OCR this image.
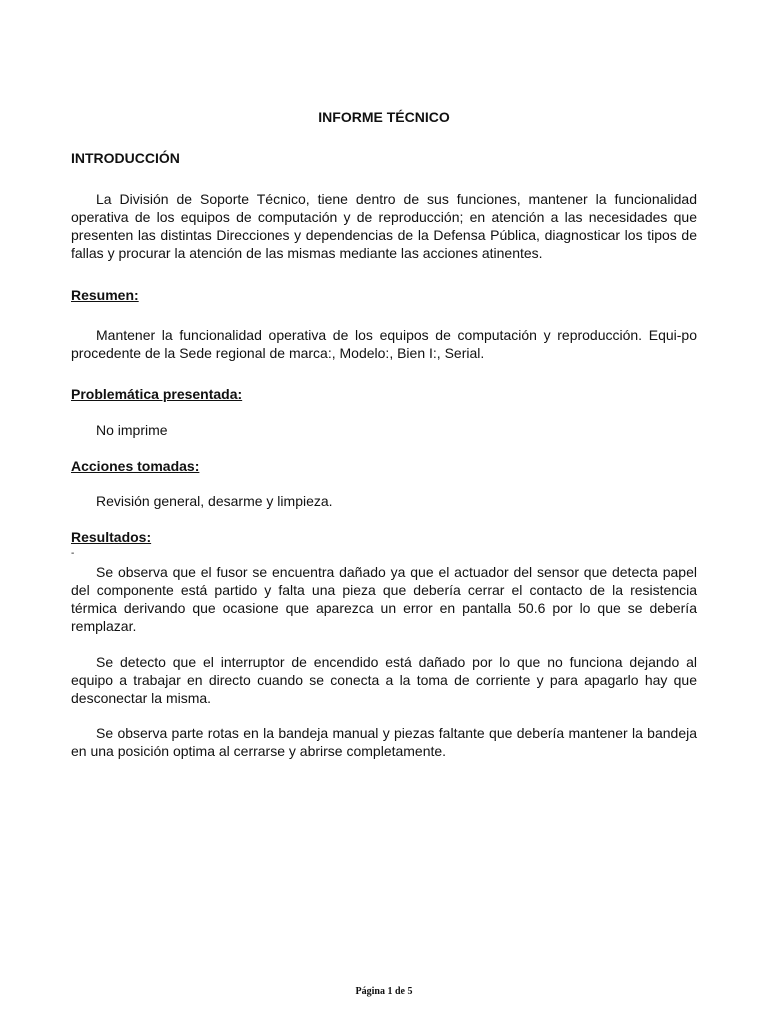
INFORME TÉCNICO
INTRODUCCIÓN

La División de Soporte Técnico, tiene dentro de sus funciones, mantener la funcionalidad operativa de los equipos de computación y de reproducción; en atención a las necesidades que presenten las distintas Direcciones y dependencias de la Defensa Pública, diagnosticar los tipos de fallas y procurar la atención de las mismas mediante las acciones atinentes.

Resumen:

Mantener la funcionalidad operativa de los equipos de computación y reproducción. Equi-po procedente de la Sede regional de marca:, Modelo:, Bien I:, Serial.

Problemática presentada:
No imprime
Acciones tomadas:
Revisión general, desarme y limpieza.
Resultados:
-

Se observa que el fusor se encuentra dañado ya que el actuador del sensor que detecta papel del componente está partido y falta una pieza que debería cerrar el contacto de la resistencia térmica derivando que ocasione que aparezca un error en pantalla 50.6 por lo que se debería remplazar.

Se detecto que el interruptor de encendido está dañado por lo que no funciona dejando al equipo a trabajar en directo cuando se conecta a la toma de corriente y para apagarlo hay que desconectar la misma.

Se observa parte rotas en la bandeja manual y piezas faltante que debería mantener la bandeja en una posición optima al cerrarse y abrirse completamente.

Página 1 de 5
